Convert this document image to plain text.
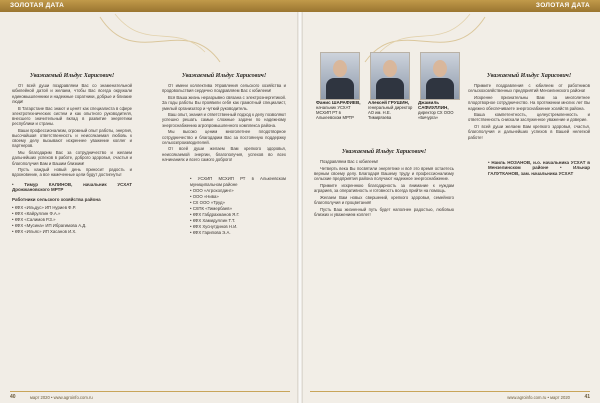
ЗОЛОТАЯ ДАТА	ЗОЛОТАЯ ДАТА
Уважаемый Ильдус Харисович!

От всей души поздравляем Вас со знаменательной юбилейной датой и желаем, чтобы Вас всегда окружали единомышленники и надежные соратники, добрые и близкие люди!

В Татарстане Вас знают и ценят как специалиста в сфере электротехнических систем и как опытного руководителя, внесшего значительный вклад в развитие энергетики республики и страны.

Ваши профессионализм, огромный опыт работы, энергия, высочайшая ответственность и неиссякаемая любовь к своему делу вызывают искреннее уважение коллег и партнеров.

Мы благодарим Вас за сотрудничество и желаем дальнейших успехов в работе, доброго здоровья, счастья и благополучия Вам и Вашим близким!

Пусть каждый новый день приносит радость и вдохновение, а все намеченные цели будут достигнуты!

• Тимур КАЛИНОВ, начальник УСХАТ Дрожжановского МРТР
Работники сельского хозяйства района
• КФХ «Ильдус» ИП Нуриев Ф.Р.
• КФХ «Кайруллин Ф.А.»
• КФХ «Салимов Р.З.»
• КФХ «Мусина» ИП Ибрагимова А.Д.
• КФХ «Ильяс» ИП Хасанов И.Х.
Уважаемый Ильдус Харисович!

От имени коллектива Управления сельского хозяйства и продовольствия сердечно поздравляем Вас с юбилеем!

Вся Ваша жизнь неразрывно связана с электроэнергетикой. За годы работы Вы проявили себя как грамотный специалист, умелый организатор и чуткий руководитель.

Ваш опыт, знания и ответственный подход к делу позволяют успешно решать самые сложные задачи по надежному энергоснабжению агропромышленного комплекса района.

Мы высоко ценим многолетнее плодотворное сотрудничество и благодарим Вас за постоянную поддержку сельхозпроизводителей.

От всей души желаем Вам крепкого здоровья, неиссякаемой энергии, благополучия, успехов во всех начинаниях и всего самого доброго!

• УСХИП МСХИП РТ в Алькеевском муниципальном районе
• ООО «Агрохолдинг»
• ООО «Нива»
• СХ ООО «Труд»
• СХПК «Тимербаев»
• КФХ Габдрахманов Я.Г.
• КФХ Хамидуллин Т.Т.
• КФХ Хуснутдинов Н.И.
• КФХ Гарипова Э.А.
Фанис ШАРАФИЕВ,
начальник УСХАТ МСХИП РТ в Алькеевском МРТР
Алексей ГРУШИН,
генеральный директор АО им. Н.Е. Тимирязева
Джамиль САФИУЛЛИН,
директор СХ ООО «Бичурга»
Уважаемый Ильдус Харисович!

Поздравляем Вас с юбилеем!

Четверть века Вы посвятили энергетике и всё это время остаетесь верным своему делу. Благодаря Вашему труду и профессионализму сельские предприятия района получают надежное энергоснабжение.

Примите искреннюю благодарность за внимание к нуждам аграриев, за оперативность и готовность всегда прийти на помощь.

Желаем Вам новых свершений, крепкого здоровья, семейного благополучия и процветания!

Пусть Ваш жизненный путь будет наполнен радостью, любовью близких и уважением коллег!

Уважаемый Ильдус Харисович!

Примите поздравления с юбилеем от работников сельскохозяйственных предприятий Мензелинского района!

Искренне признательны Вам за многолетнее плодотворное сотрудничество. На протяжении многих лет Вы надежно обеспечиваете энергоснабжение хозяйств района.

Ваша компетентность, целеустремленность и ответственность снискали заслуженное уважение и доверие.

От всей души желаем Вам крепкого здоровья, счастья, благополучия и дальнейших успехов в Вашей нелегкой работе!

• Наиль НОЗАНОВ, и.о. начальника УСХАТ в Мензелинском районе • Ильнар ГАЛУТКАНОВ, зам. начальника УСХАТ
40	март 2020 • www.agroinfo.com.ru	www.agroinfo.com.ru • март 2020	41
